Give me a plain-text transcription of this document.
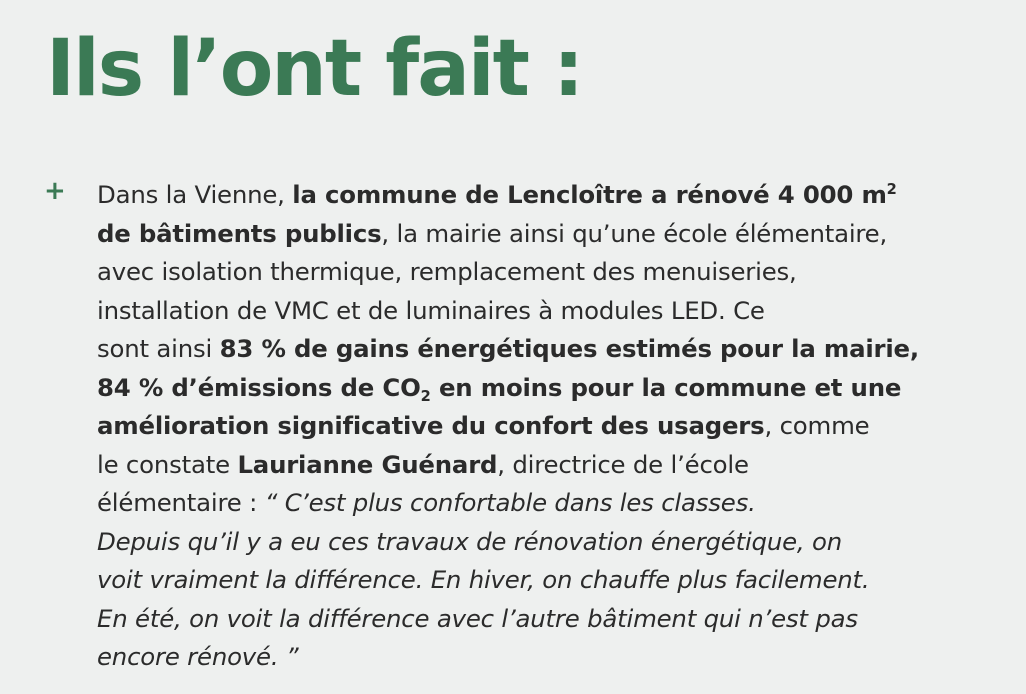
Ils l’ont fait :
+ Dans la Vienne, la commune de Lencloître a rénové 4 000 $m^2$
de bâtiments publics, la mairie ainsi qu’une école élémentaire,
avec isolation thermique, remplacement des menuiseries,
installation de VMC et de luminaires à modules LED. Ce
sont ainsi 83 % de gains énergétiques estimés pour la mairie,
84 % d’émissions de $CO_2$ en moins pour la commune et une
amélioration significative du confort des usagers, comme
le constate Laurianne Guénard, directrice de l’école
élémentaire : “ C’est plus confortable dans les classes.
Depuis qu’il y a eu ces travaux de rénovation énergétique, on
voit vraiment la différence. En hiver, on chauffe plus facilement.
En été, on voit la différence avec l’autre bâtiment qui n’est pas
encore rénové. ”
